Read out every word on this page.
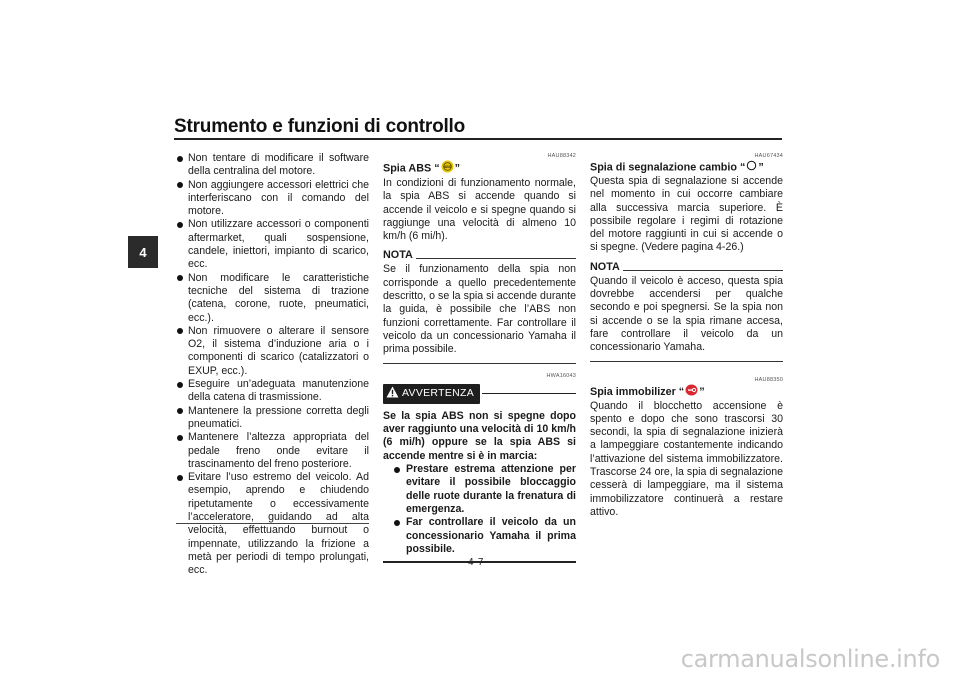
Strumento e funzioni di controllo
4
Non tentare di modificare il software della centralina del motore.
Non aggiungere accessori elettrici che interferiscano con il comando del motore.
Non utilizzare accessori o componenti aftermarket, quali sospensione, candele, iniettori, impianto di scarico, ecc.
Non modificare le caratteristiche tecniche del sistema di trazione (catena, corone, ruote, pneumatici, ecc.).
Non rimuovere o alterare il sensore O2, il sistema d’induzione aria o i componenti di scarico (catalizzatori o EXUP, ecc.).
Eseguire un’adeguata manutenzione della catena di trasmissione.
Mantenere la pressione corretta degli pneumatici.
Mantenere l’altezza appropriata del pedale freno onde evitare il trascinamento del freno posteriore.
Evitare l’uso estremo del veicolo. Ad esempio, aprendo e chiudendo ripetutamente o eccessivamente l’acceleratore, guidando ad alta velocità, effettuando burnout o impennate, utilizzando la frizione a metà per periodi di tempo prolungati, ecc.
HAU88342
Spia ABS “ ABS ”
In condizioni di funzionamento normale, la spia ABS si accende quando si accende il veicolo e si spegne quando si raggiunge una velocità di almeno 10 km/h (6 mi/h).
NOTA
Se il funzionamento della spia non corrisponde a quello precedentemente descritto, o se la spia si accende durante la guida, è possibile che l’ABS non funzioni correttamente. Far controllare il veicolo da un concessionario Yamaha il prima possibile.
HWA16043
AVVERTENZA
Se la spia ABS non si spegne dopo aver raggiunto una velocità di 10 km/h (6 mi/h) oppure se la spia ABS si accende mentre si è in marcia:
Prestare estrema attenzione per evitare il possibile bloccaggio delle ruote durante la frenatura di emergenza.
Far controllare il veicolo da un concessionario Yamaha il prima possibile.
HAU67434
Spia di segnalazione cambio “ ”
Questa spia di segnalazione si accende nel momento in cui occorre cambiare alla successiva marcia superiore. È possibile regolare i regimi di rotazione del motore raggiunti in cui si accende o si spegne. (Vedere pagina 4-26.)
NOTA
Quando il veicolo è acceso, questa spia dovrebbe accendersi per qualche secondo e poi spegnersi. Se la spia non si accende o se la spia rimane accesa, fare controllare il veicolo da un concessionario Yamaha.
HAU88350
Spia immobilizer “ ”
Quando il blocchetto accensione è spento e dopo che sono trascorsi 30 secondi, la spia di segnalazione inizierà a lampeggiare costantemente indicando l’attivazione del sistema immobilizzatore. Trascorse 24 ore, la spia di segnalazione cesserà di lampeggiare, ma il sistema immobilizzatore continuerà a restare attivo.
4-7
carmanualsonline.info
